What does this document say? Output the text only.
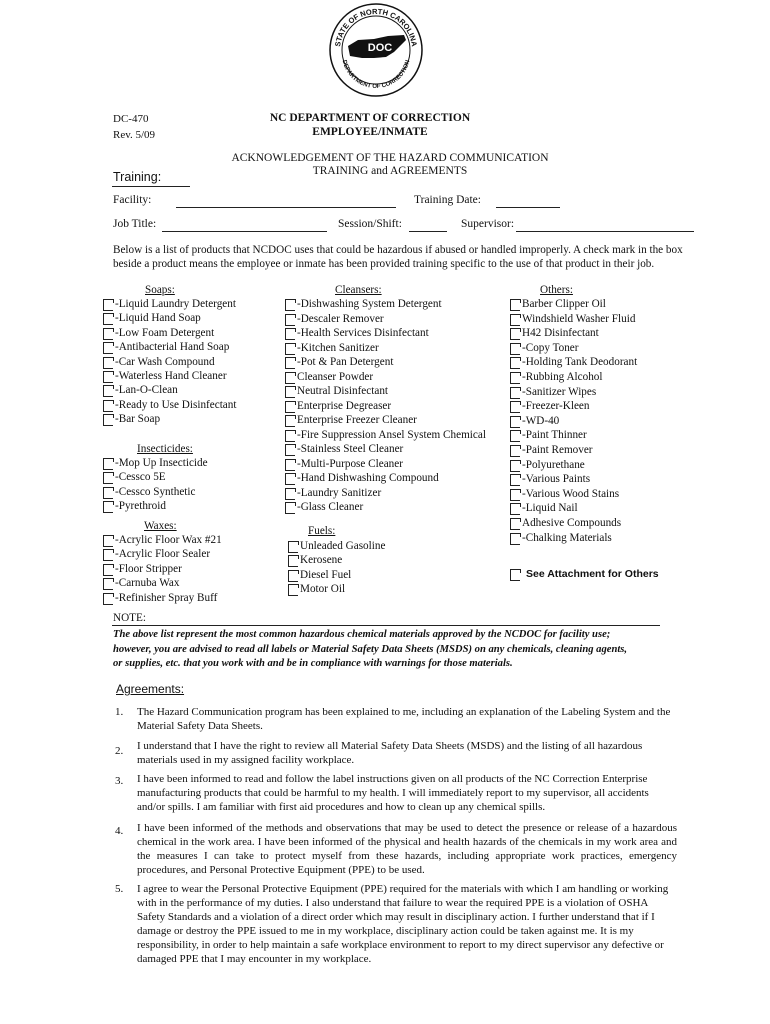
STATE OF NORTH CAROLINA
DEPARTMENT OF CORRECTION
DOC
DC-470
Rev. 5/09
NC DEPARTMENT OF CORRECTION
EMPLOYEE/INMATE
ACKNOWLEDGEMENT OF THE HAZARD COMMUNICATION
TRAINING and AGREEMENTS
Training:
Facility:	Training Date:
Job Title:	Session/Shift:	Supervisor:
Below is a list of products that NCDOC uses that could be hazardous if abused or handled improperly. A check mark in the box
beside a product means the employee or inmate has been provided training specific to the use of that product in their job.
Soaps:	Cleansers:	Others:
Insecticides:
Waxes:	Fuels:
-Liquid Laundry Detergent
-Liquid Hand Soap
-Low Foam Detergent
-Antibacterial Hand Soap
-Car Wash Compound
-Waterless Hand Cleaner
-Lan-O-Clean
-Ready to Use Disinfectant
-Bar Soap
-Mop Up Insecticide
-Cessco 5E
-Cessco Synthetic
-Pyrethroid
-Acrylic Floor Wax #21
-Acrylic Floor Sealer
-Floor Stripper
-Carnuba Wax
-Refinisher Spray Buff
-Dishwashing System Detergent
-Descaler Remover
-Health Services Disinfectant
-Kitchen Sanitizer
-Pot & Pan Detergent
Cleanser Powder
Neutral Disinfectant
Enterprise Degreaser
Enterprise Freezer Cleaner
-Fire Suppression Ansel System Chemical
-Stainless Steel Cleaner
-Multi-Purpose Cleaner
-Hand Dishwashing Compound
-Laundry Sanitizer
-Glass Cleaner
Unleaded Gasoline
Kerosene
Diesel Fuel
Motor Oil
Barber Clipper Oil
Windshield Washer Fluid
H42 Disinfectant
-Copy Toner
-Holding Tank Deodorant
-Rubbing Alcohol
-Sanitizer Wipes
-Freezer-Kleen
-WD-40
-Paint Thinner
-Paint Remover
-Polyurethane
-Various Paints
-Various Wood Stains
-Liquid Nail
Adhesive Compounds
-Chalking Materials
See Attachment for Others
NOTE:
The above list represent the most common hazardous chemical materials approved by the NCDOC for facility use;
however, you are advised to read all labels or Material Safety Data Sheets (MSDS) on any chemicals, cleaning agents,
or supplies, etc. that you work with and be in compliance with warnings for those materials.
Agreements:
1. The Hazard Communication program has been explained to me, including an explanation of the Labeling System and the Material Safety Data Sheets.
2. I understand that I have the right to review all Material Safety Data Sheets (MSDS) and the listing of all hazardous materials used in my assigned facility workplace.
3. I have been informed to read and follow the label instructions given on all products of the NC Correction Enterprise manufacturing products that could be harmful to my health. I will immediately report to my supervisor, all accidents and/or spills. I am familiar with first aid procedures and how to clean up any chemical spills.
4. I have been informed of the methods and observations that may be used to detect the presence or release of a hazardous chemical in the work area. I have been informed of the physical and health hazards of the chemicals in my work area and the measures I can take to protect myself from these hazards, including appropriate work practices, emergency procedures, and Personal Protective Equipment (PPE) to be used.
5. I agree to wear the Personal Protective Equipment (PPE) required for the materials with which I am handling or working with in the performance of my duties. I also understand that failure to wear the required PPE is a violation of OSHA Safety Standards and a violation of a direct order which may result in disciplinary action. I further understand that if I damage or destroy the PPE issued to me in my workplace, disciplinary action could be taken against me. It is my responsibility, in order to help maintain a safe workplace environment to report to my direct supervisor any defective or damaged PPE that I may encounter in my workplace.
